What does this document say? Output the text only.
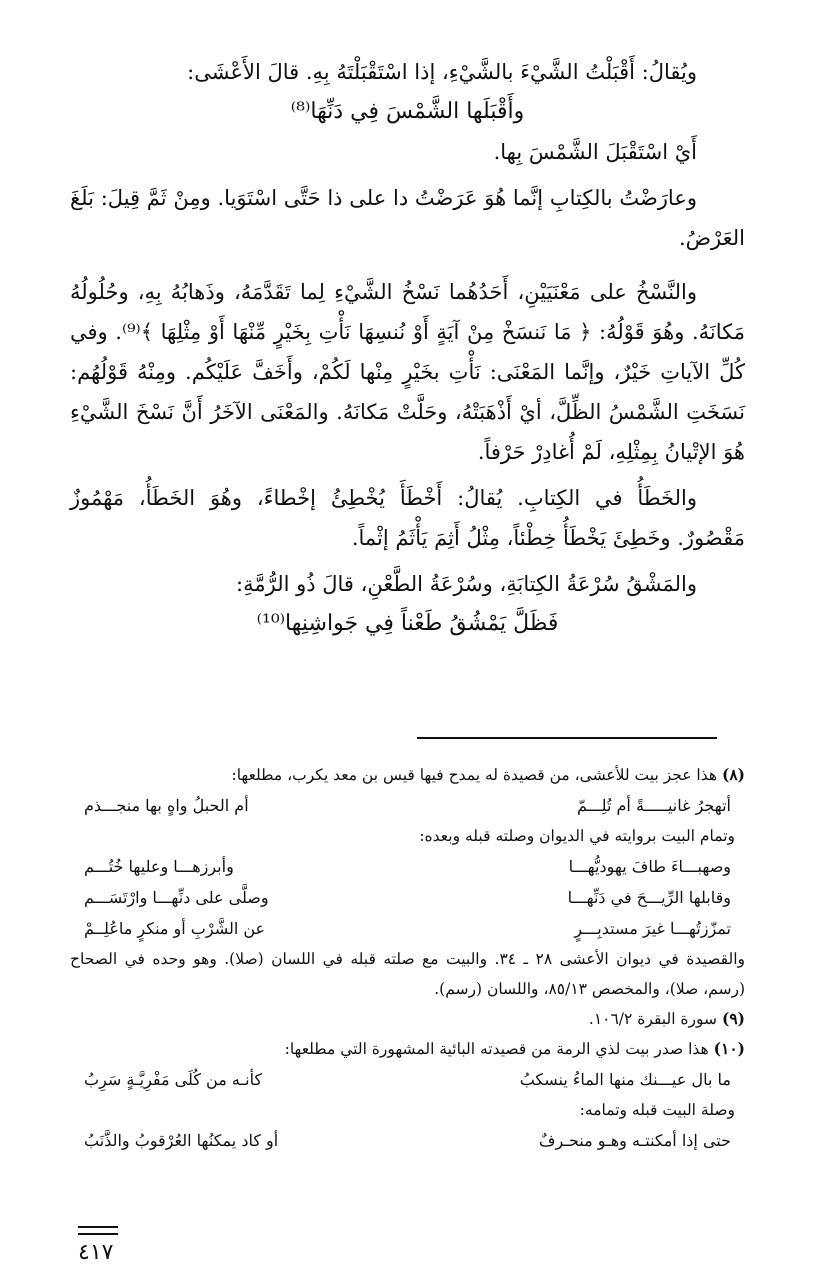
ويُقالُ: أَقْبَلْتُ الشَّيْءَ بالشَّيْءِ، إذا اسْتَقْبَلْتَهُ بِهِ. قالَ الأَعْشَى:

وأَقْبَلَها الشَّمْسَ فِي دَنِّهَا⁽⁸⁾

أَيْ اسْتَقْبَلَ الشَّمْسَ بِها.

وعارَضْتُ بالكِتابِ إنَّما هُوَ عَرَضْتُ دا على ذا حَتَّى اسْتَوَيا. ومِنْ ثَمَّ قِيلَ: بَلَغَ العَرْضُ.

والنَّسْخُ على مَعْنَيَيْنِ، أَحَدُهُما نَسْخُ الشَّيْءِ لِما تَقَدَّمَهُ، وذَهابُهُ بِهِ، وحُلُولُهُ مَكانَهُ. وهُوَ قَوْلُهُ: ﴿ مَا نَنسَخْ مِنْ آيَةٍ أَوْ نُنسِهَا نَأْتِ بِخَيْرٍ مِّنْهَا أَوْ مِثْلِهَا ﴾⁽⁹⁾. وفي كُلِّ الآياتِ خَيْرٌ، وإنَّما المَعْنَى: نَأْتِ بخَيْرٍ مِنْها لَكُمْ، وأَخَفَّ عَلَيْكُم. ومِنْهُ قَوْلُهُم: نَسَخَتِ الشَّمْسُ الظِّلَّ، أيْ أَذْهَبَتْهُ، وحَلَّتْ مَكانَهُ. والمَعْنَى الآخَرُ أَنَّ نَسْخَ الشَّيْءِ هُوَ الإتْيانُ بِمِثْلِهِ، لَمْ أُغادِرْ حَرْفاً.

والخَطَأُ في الكِتابِ. يُقالُ: أَخْطَأَ يُخْطِئُ إخْطاءً، وهُوَ الخَطَأُ، مَهْمُوزٌ مَقْصُورٌ. وخَطِئَ يَخْطَأُ خِطْئاً، مِثْلُ أَثِمَ يَأْثَمُ إثْماً.

والمَشْقُ سُرْعَةُ الكِتابَةِ، وسُرْعَةُ الطَّعْنِ، قالَ ذُو الرُّمَّةِ:

فَظَلَّ يَمْشُقُ طَعْناً فِي جَواشِنِها⁽¹⁰⁾

(٨) هذا عجز بيت للأعشى، من قصيدة له يمدح فيها قيس بن معد يكرب، مطلعها:

أتهجرُ غانيـــــةً أم تُلِـــمّ
أم الحبلُ واهٍ بها منجـــذم

وتمام البيت بروايته في الديوان وصلته قبله وبعده:

وصهبـــاءَ طافَ يهوديُّهـــا
وأبرزهـــا وعليها خُتُـــم
وقابلها الرِّيـــحَ في دَنِّهـــا
وصلَّى على دنِّهـــا وارْتَسَـــم
تمزّزتُهـــا غيرَ مستدبِـــرٍ
عن الشَّرْبِ أو منكرٍ ماعُلِــمْ

والقصيدة في ديوان الأعشى ٢٨ ـ ٣٤. والبيت مع صلته قبله في اللسان (صلا). وهو وحده في الصحاح (رسم، صلا)، والمخصص ٨٥/١٣، واللسان (رسم).

(٩) سورة البقرة ١٠٦/٢.

(١٠) هذا صدر بيت لذي الرمة من قصيدته البائية المشهورة التي مطلعها:

ما بال عيـــنك منها الماءُ ينسكبُ
كأنـه من كُلَى مَفْرِيَّـةٍ سَرِبُ

وصلة البيت قبله وتمامه:

حتى إذا أمكنتـه وهـو منحـرفٌ
أو كاد يمكنُها العُرْقوبُ والذَّنَبُ
٤١٧
